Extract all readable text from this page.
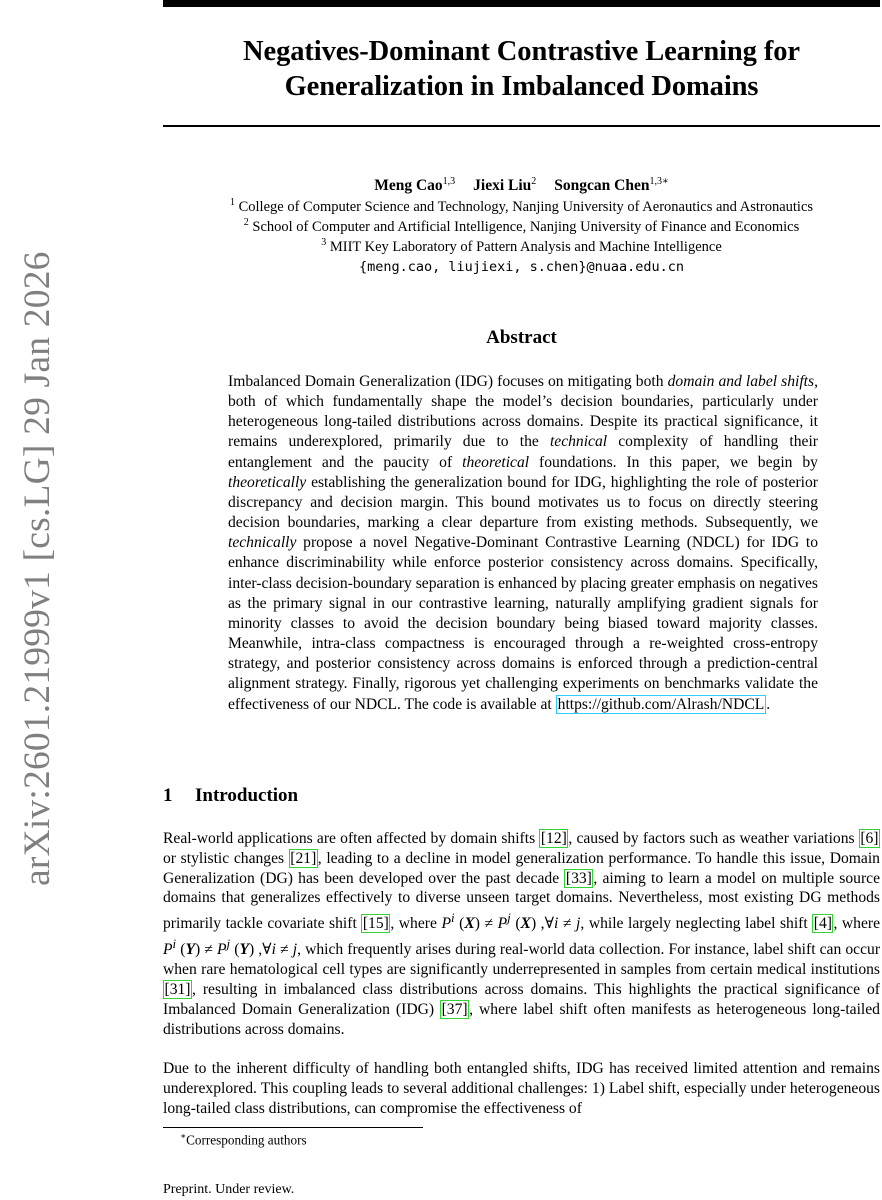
arXiv:2601.21999v1 [cs.LG] 29 Jan 2026
Negatives-Dominant Contrastive Learning for
Generalization in Imbalanced Domains
Meng Cao$^{1,3}$ Jiexi Liu$^2$ Songcan Chen$^{1,3∗}$
$^1$ College of Computer Science and Technology, Nanjing University of Aeronautics and Astronautics
$^2$ School of Computer and Artificial Intelligence, Nanjing University of Finance and Economics
$^3$ MIIT Key Laboratory of Pattern Analysis and Machine Intelligence
{meng.cao, liujiexi, s.chen}@nuaa.edu.cn
Abstract
Imbalanced Domain Generalization (IDG) focuses on mitigating both domain and label shifts, both of which fundamentally shape the model’s decision boundaries, particularly under heterogeneous long-tailed distributions across domains. Despite its practical significance, it remains underexplored, primarily due to the technical complexity of handling their entanglement and the paucity of theoretical foundations. In this paper, we begin by theoretically establishing the generalization bound for IDG, highlighting the role of posterior discrepancy and decision margin. This bound motivates us to focus on directly steering decision boundaries, marking a clear departure from existing methods. Subsequently, we technically propose a novel Negative-Dominant Contrastive Learning (NDCL) for IDG to enhance discriminability while enforce posterior consistency across domains. Specifically, inter-class decision-boundary separation is enhanced by placing greater emphasis on negatives as the primary signal in our contrastive learning, naturally amplifying gradient signals for minority classes to avoid the decision boundary being biased toward majority classes. Meanwhile, intra-class compactness is encouraged through a re-weighted cross-entropy strategy, and posterior consistency across domains is enforced through a prediction-central alignment strategy. Finally, rigorous yet challenging experiments on benchmarks validate the effectiveness of our NDCL. The code is available at https://github.com/Alrash/NDCL .
1 Introduction
Real-world applications are often affected by domain shifts [12], caused by factors such as weather variations [6] or stylistic changes [21], leading to a decline in model generalization performance. To handle this issue, Domain Generalization (DG) has been developed over the past decade [33], aiming to learn a model on multiple source domains that generalizes effectively to diverse unseen target domains. Nevertheless, most existing DG methods primarily tackle covariate shift [15], where $P^i$ $(X) \ne P^j$ (X) ,∀i ≠ j, while largely neglecting label shift [4], where $P^i$ $(Y) \ne P^j$ (Y) ,∀i ≠ j, which frequently arises during real-world data collection. For instance, label shift can occur when rare hematological cell types are significantly underrepresented in samples from certain medical institutions [31], resulting in imbalanced class distributions across domains. This highlights the practical significance of Imbalanced Domain Generalization (IDG) [37], where label shift often manifests as heterogeneous long-tailed distributions across domains.
Due to the inherent difficulty of handling both entangled shifts, IDG has received limited attention and remains underexplored. This coupling leads to several additional challenges: 1) Label shift, especially under heterogeneous long-tailed class distributions, can compromise the effectiveness of
∗Corresponding authors
Preprint. Under review.
